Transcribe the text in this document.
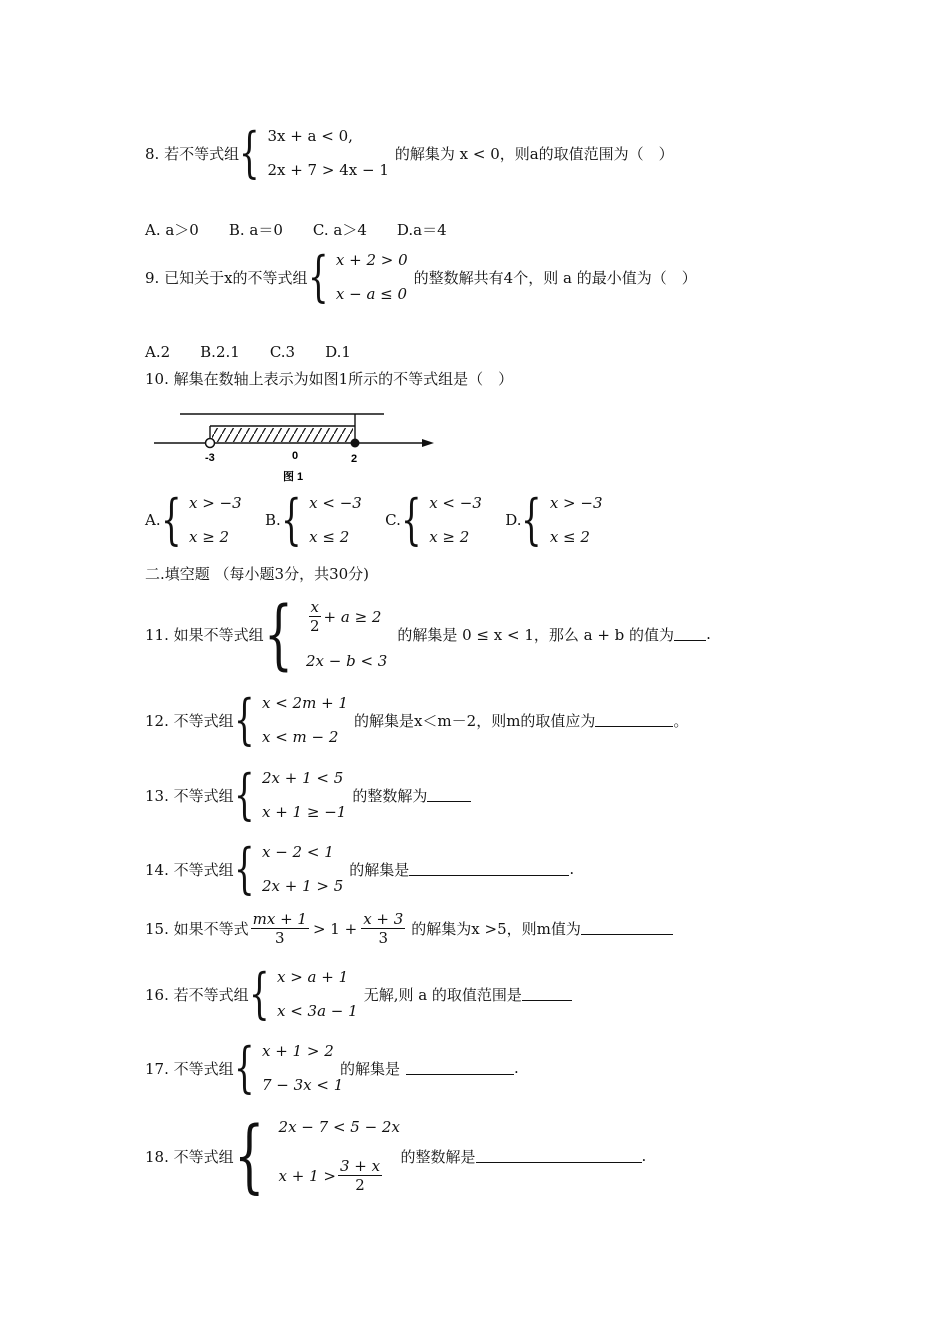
8. 若不等式组 { 3x + a < 0,
2x + 7 > 4x − 1
的解集为 x < 0，则a的取值范围为（　）
A. a＞0 B. a＝0 C. a＞4 D.a＝4
9. 已知关于x的不等式组 { x + 2 > 0
x − a ≤ 0
的整数解共有4个，则 a 的最小值为（　）
A.2 B.2.1 C.3 D.1
10. 解集在数轴上表示为如图1所示的不等式组是（　）
-3	0	2
图 1
A. { x > −3
x ≥ 2
B. { x < −3
x ≤ 2
C. { x < −3
x ≥ 2
D. { x > −3
x ≤ 2
二.填空题 （每小题3分，共30分)
11. 如果不等式组 { $\frac{x}{2} + a \ge 2$
2x − b < 3
的解集是 0 ≤ x < 1，那么 a + b 的值为 .
12. 不等式组 { x < 2m + 1
x < m − 2
的解集是x＜m－2，则m的取值应为	。
13. 不等式组 { 2x + 1 < 5
x + 1 ≥ −1
的整数解为
14. 不等式组 { x − 2 < 1
2x + 1 > 5
的解集是	.
15. 如果不等式 $\frac{mx + 1}{3} > 1 + \frac{x + 3}{3}$ 的解集为x >5，则m值为
16. 若不等式组 { x > a + 1
x < 3a − 1
无解,则 a 的取值范围是
17. 不等式组 { x + 1 > 2
7 − 3x < 1
的解集是	.
18. 不等式组 { 2x − 7 < 5 − 2x
$x + 1 > \frac{3 + x}{2}$
的整数解是	.
